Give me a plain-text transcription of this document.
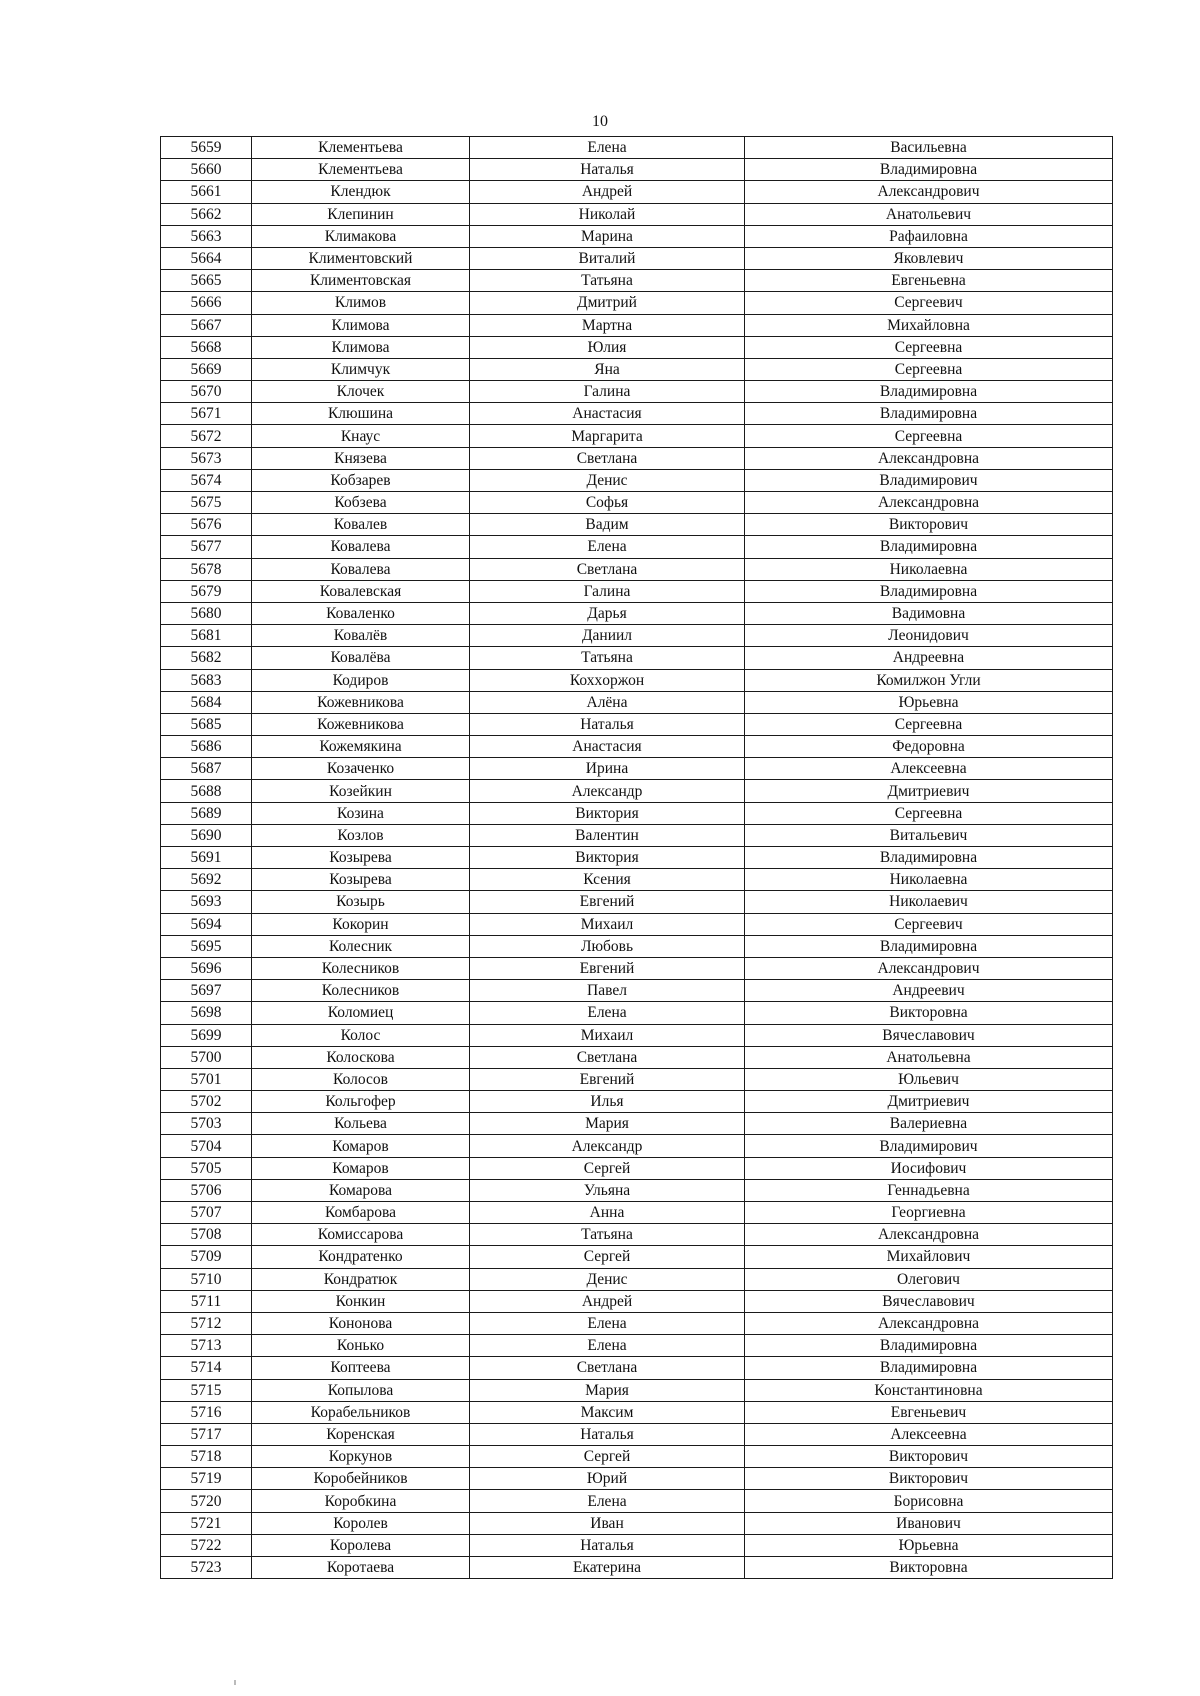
10
5659	Клементьева	Елена	Васильевна
5660	Клементьева	Наталья	Владимировна
5661	Клендюк	Андрей	Александрович
5662	Клепинин	Николай	Анатольевич
5663	Климакова	Марина	Рафаиловна
5664	Климентовский	Виталий	Яковлевич
5665	Климентовская	Татьяна	Евгеньевна
5666	Климов	Дмитрий	Сергеевич
5667	Климова	Мартна	Михайловна
5668	Климова	Юлия	Сергеевна
5669	Климчук	Яна	Сергеевна
5670	Клочек	Галина	Владимировна
5671	Клюшина	Анастасия	Владимировна
5672	Кнаус	Маргарита	Сергеевна
5673	Князева	Светлана	Александровна
5674	Кобзарев	Денис	Владимирович
5675	Кобзева	Софья	Александровна
5676	Ковалев	Вадим	Викторович
5677	Ковалева	Елена	Владимировна
5678	Ковалева	Светлана	Николаевна
5679	Ковалевская	Галина	Владимировна
5680	Коваленко	Дарья	Вадимовна
5681	Ковалёв	Даниил	Леонидович
5682	Ковалёва	Татьяна	Андреевна
5683	Кодиров	Кохxоржон	Комилжон Угли
5684	Кожевникова	Алёна	Юрьевна
5685	Кожевникова	Наталья	Сергеевна
5686	Кожемякина	Анастасия	Федоровна
5687	Козаченко	Ирина	Алексеевна
5688	Козейкин	Александр	Дмитриевич
5689	Козина	Виктория	Сергеевна
5690	Козлов	Валентин	Витальевич
5691	Козырева	Виктория	Владимировна
5692	Козырева	Ксения	Николаевна
5693	Козырь	Евгений	Николаевич
5694	Кокорин	Михаил	Сергеевич
5695	Колесник	Любовь	Владимировна
5696	Колесников	Евгений	Александрович
5697	Колесников	Павел	Андреевич
5698	Коломиец	Елена	Викторовна
5699	Колос	Михаил	Вячеславович
5700	Колоскова	Светлана	Анатольевна
5701	Колосов	Евгений	Юльевич
5702	Кольгофер	Илья	Дмитриевич
5703	Кольева	Мария	Валериевна
5704	Комаров	Александр	Владимирович
5705	Комаров	Сергей	Иосифович
5706	Комарова	Ульяна	Геннадьевна
5707	Комбарова	Анна	Георгиевна
5708	Комиссарова	Татьяна	Александровна
5709	Кондратенко	Сергей	Михайлович
5710	Кондратюк	Денис	Олегович
5711	Конкин	Андрей	Вячеславович
5712	Кононова	Елена	Александровна
5713	Конько	Елена	Владимировна
5714	Коптеева	Светлана	Владимировна
5715	Копылова	Мария	Константиновна
5716	Корабельников	Максим	Евгеньевич
5717	Коренская	Наталья	Алексеевна
5718	Коркунов	Сергей	Викторович
5719	Коробейников	Юрий	Викторович
5720	Коробкина	Елена	Борисовна
5721	Королев	Иван	Иванович
5722	Королева	Наталья	Юрьевна
5723	Коротаева	Екатерина	Викторовна
